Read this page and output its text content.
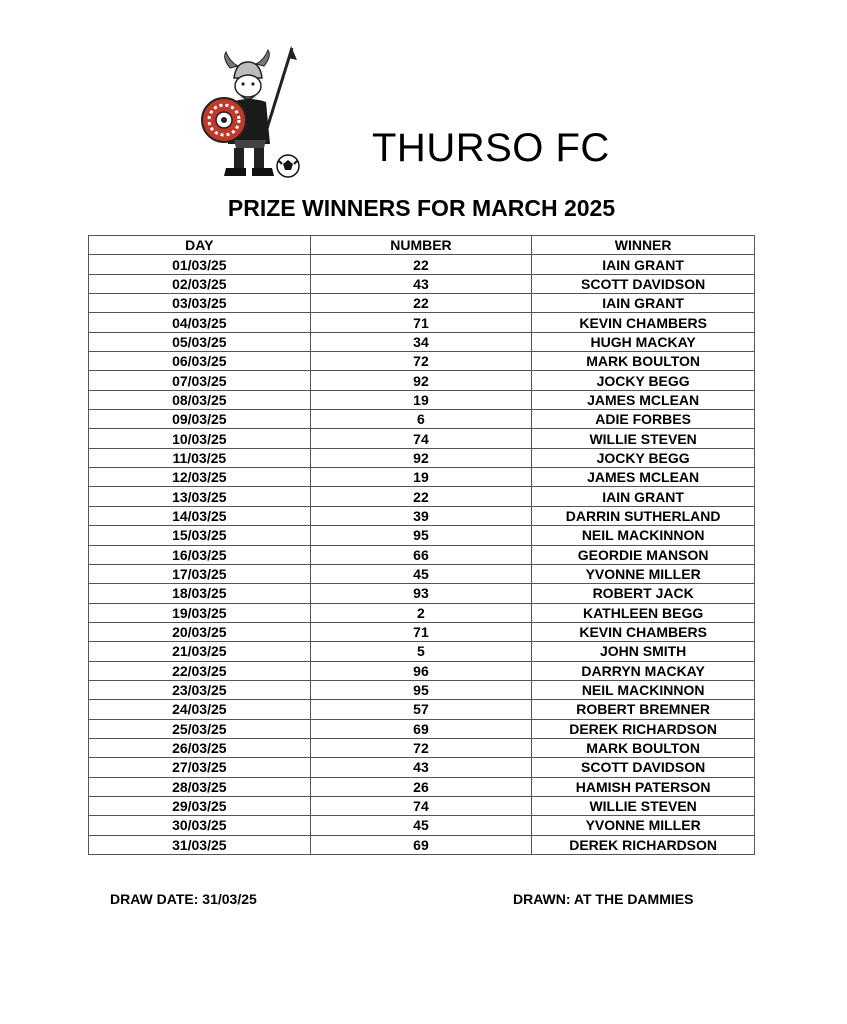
THURSO FC
PRIZE WINNERS FOR MARCH 2025
DAY	NUMBER	WINNER
01/03/25	22	IAIN GRANT
02/03/25	43	SCOTT DAVIDSON
03/03/25	22	IAIN GRANT
04/03/25	71	KEVIN CHAMBERS
05/03/25	34	HUGH MACKAY
06/03/25	72	MARK BOULTON
07/03/25	92	JOCKY BEGG
08/03/25	19	JAMES MCLEAN
09/03/25	6	ADIE FORBES
10/03/25	74	WILLIE STEVEN
11/03/25	92	JOCKY BEGG
12/03/25	19	JAMES MCLEAN
13/03/25	22	IAIN GRANT
14/03/25	39	DARRIN SUTHERLAND
15/03/25	95	NEIL MACKINNON
16/03/25	66	GEORDIE MANSON
17/03/25	45	YVONNE MILLER
18/03/25	93	ROBERT JACK
19/03/25	2	KATHLEEN BEGG
20/03/25	71	KEVIN CHAMBERS
21/03/25	5	JOHN SMITH
22/03/25	96	DARRYN MACKAY
23/03/25	95	NEIL MACKINNON
24/03/25	57	ROBERT BREMNER
25/03/25	69	DEREK RICHARDSON
26/03/25	72	MARK BOULTON
27/03/25	43	SCOTT DAVIDSON
28/03/25	26	HAMISH PATERSON
29/03/25	74	WILLIE STEVEN
30/03/25	45	YVONNE MILLER
31/03/25	69	DEREK RICHARDSON
DRAW DATE: 31/03/25	DRAWN: AT THE DAMMIES
